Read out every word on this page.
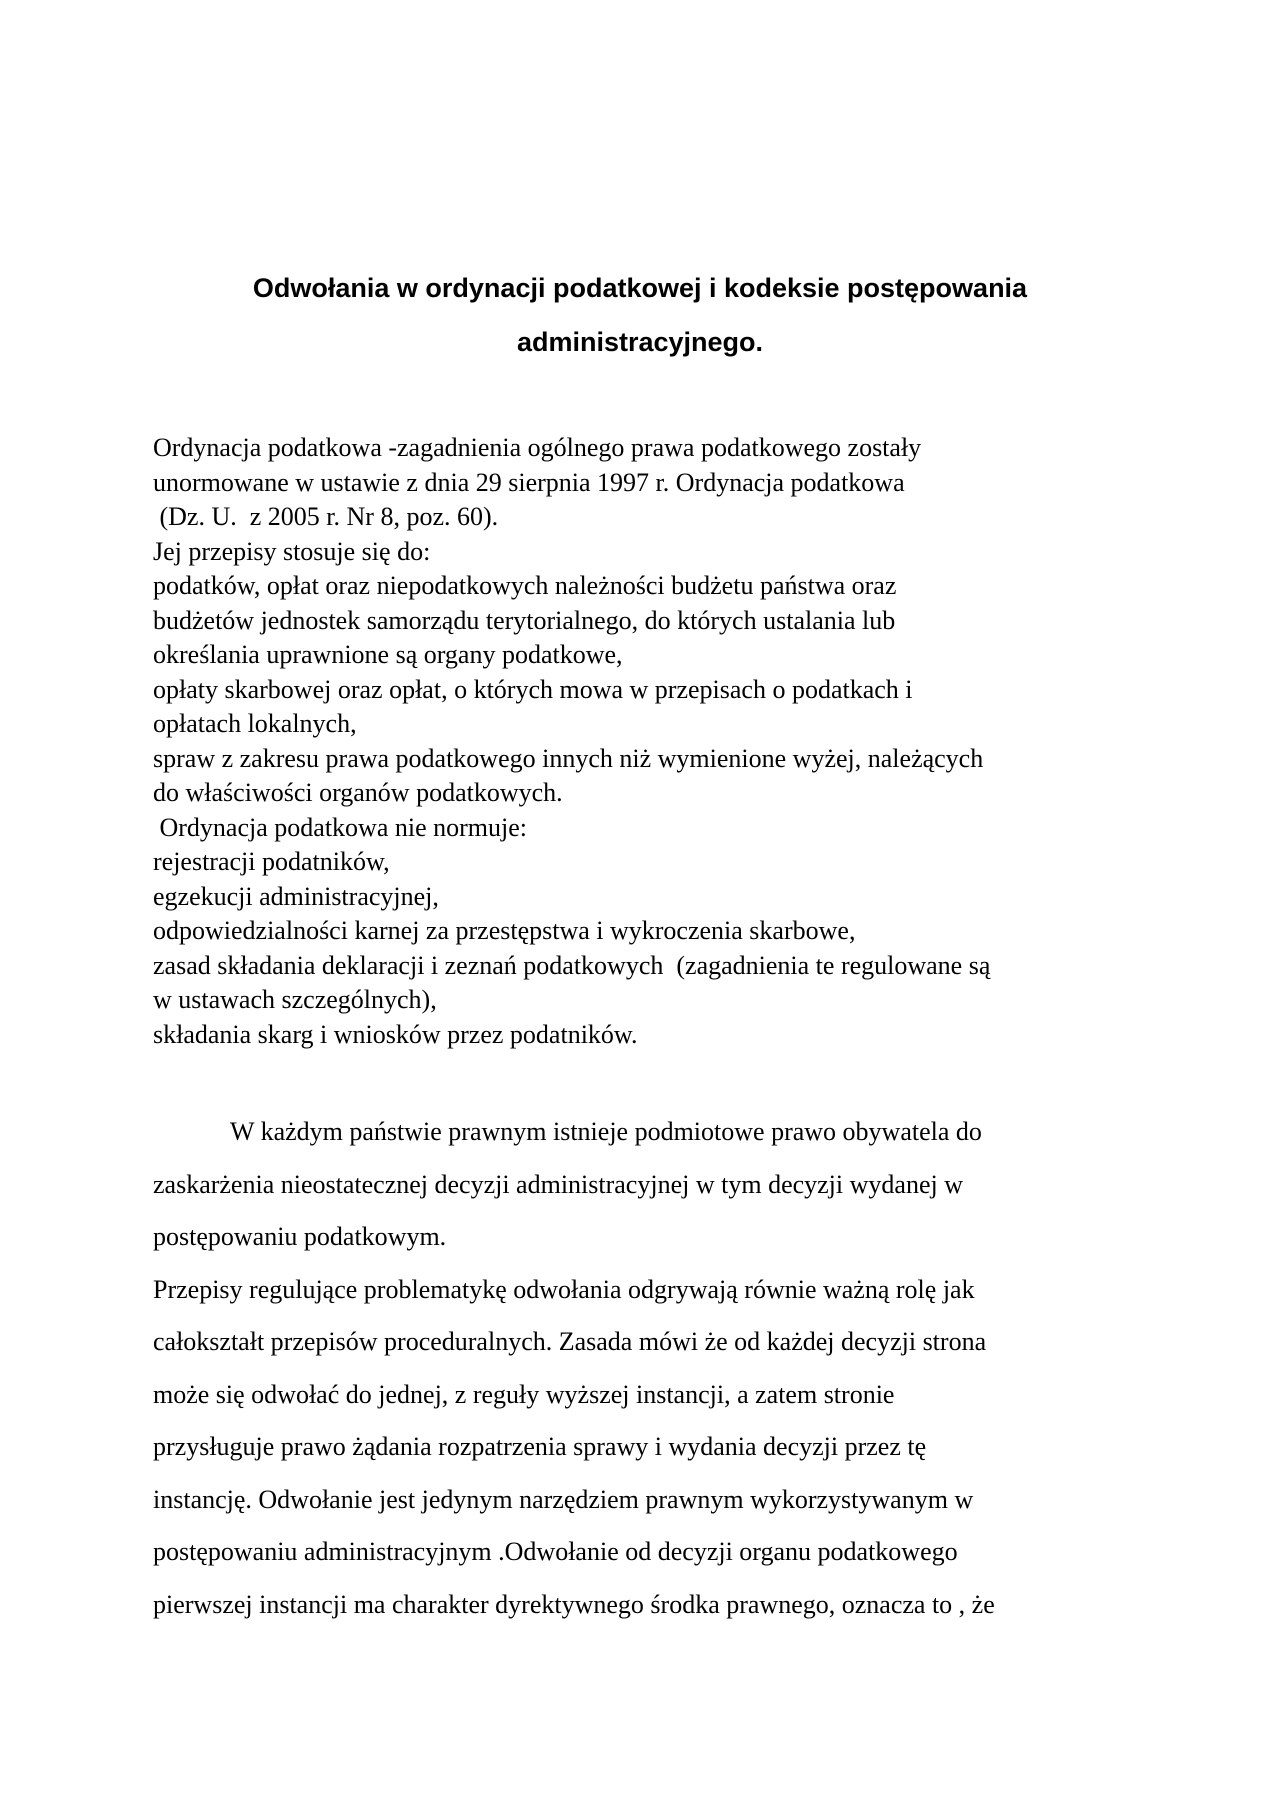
Odwołania w ordynacji podatkowej i kodeksie postępowania
administracyjnego.
Ordynacja podatkowa -zagadnienia ogólnego prawa podatkowego zostały
unormowane w ustawie z dnia 29 sierpnia 1997 r. Ordynacja podatkowa
(Dz. U.  z 2005 r. Nr 8, poz. 60).
Jej przepisy stosuje się do:
podatków, opłat oraz niepodatkowych należności budżetu państwa oraz
budżetów jednostek samorządu terytorialnego, do których ustalania lub
określania uprawnione są organy podatkowe,
opłaty skarbowej oraz opłat, o których mowa w przepisach o podatkach i
opłatach lokalnych,
spraw z zakresu prawa podatkowego innych niż wymienione wyżej, należących
do właściwości organów podatkowych.
Ordynacja podatkowa nie normuje:
rejestracji podatników,
egzekucji administracyjnej,
odpowiedzialności karnej za przestępstwa i wykroczenia skarbowe,
zasad składania deklaracji i zeznań podatkowych  (zagadnienia te regulowane są
w ustawach szczególnych),
składania skarg i wniosków przez podatników.
W każdym państwie prawnym istnieje podmiotowe prawo obywatela do
zaskarżenia nieostatecznej decyzji administracyjnej w tym decyzji wydanej w
postępowaniu podatkowym.
Przepisy regulujące problematykę odwołania odgrywają równie ważną rolę jak
całokształt przepisów proceduralnych. Zasada mówi że od każdej decyzji strona
może się odwołać do jednej, z reguły wyższej instancji, a zatem stronie
przysługuje prawo żądania rozpatrzenia sprawy i wydania decyzji przez tę
instancję. Odwołanie jest jedynym narzędziem prawnym wykorzystywanym w
postępowaniu administracyjnym .Odwołanie od decyzji organu podatkowego
pierwszej instancji ma charakter dyrektywnego środka prawnego, oznacza to , że
